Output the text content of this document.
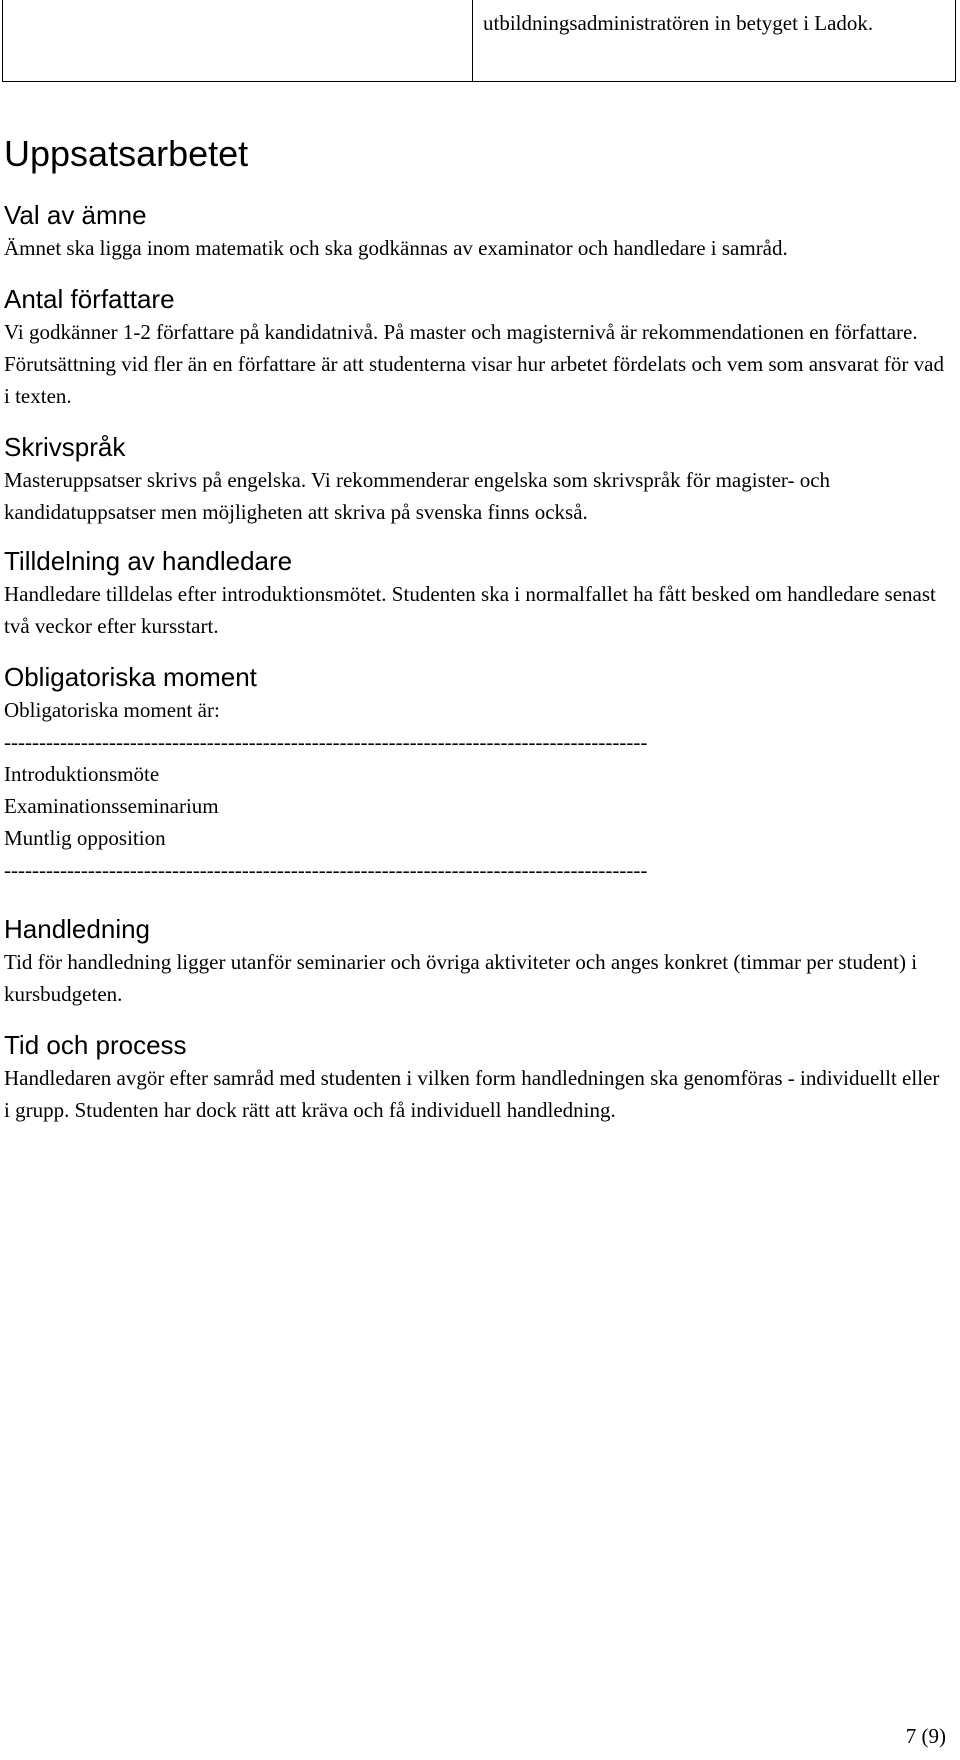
utbildningsadministratören in betyget i Ladok.
Uppsatsarbetet
Val av ämne

Ämnet ska ligga inom matematik och ska godkännas av examinator och handledare i samråd.

Antal författare

Vi godkänner 1-2 författare på kandidatnivå. På master och magisternivå är rekommendationen en författare. Förutsättning vid fler än en författare är att studenterna visar hur arbetet fördelats och vem som ansvarat för vad i texten.

Skrivspråk

Masteruppsatser skrivs på engelska. Vi rekommenderar engelska som skrivspråk för magister- och kandidatuppsatser men möjligheten att skriva på svenska finns också.

Tilldelning av handledare

Handledare tilldelas efter introduktionsmötet. Studenten ska i normalfallet ha fått besked om handledare senast två veckor efter kursstart.

Obligatoriska moment

Obligatoriska moment är:

--------------------------------------------------------------------------------------------
Introduktionsmöte
Examinationsseminarium
Muntlig opposition
--------------------------------------------------------------------------------------------
Handledning

Tid för handledning ligger utanför seminarier och övriga aktiviteter och anges konkret (timmar per student) i kursbudgeten.

Tid och process

Handledaren avgör efter samråd med studenten i vilken form handledningen ska genomföras - individuellt eller i grupp. Studenten har dock rätt att kräva och få individuell handledning.

7 (9)
